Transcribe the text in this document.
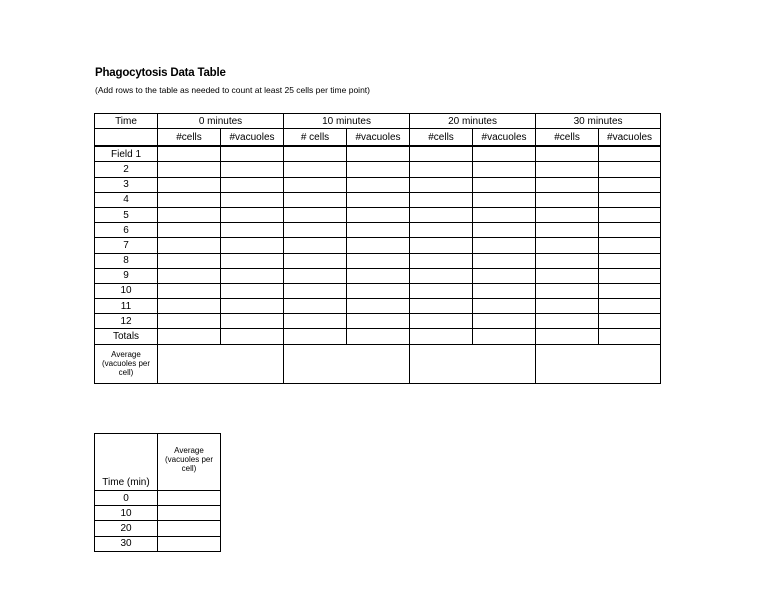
Phagocytosis Data Table
(Add rows to the table as needed to count at least 25 cells per time point)
Time	0 minutes		10 minutes		20 minutes		30 minutes	
	#cells	#vacuoles	# cells	#vacuoles	#cells	#vacuoles	#cells	#vacuoles
Field 1								
2								
3								
4								
5								
6								
7								
8								
9								
10								
11								
12								
Totals								
Average (vacuoles per cell)								
Time (min)	Average (vacuoles per cell)
0	
10	
20	
30	
